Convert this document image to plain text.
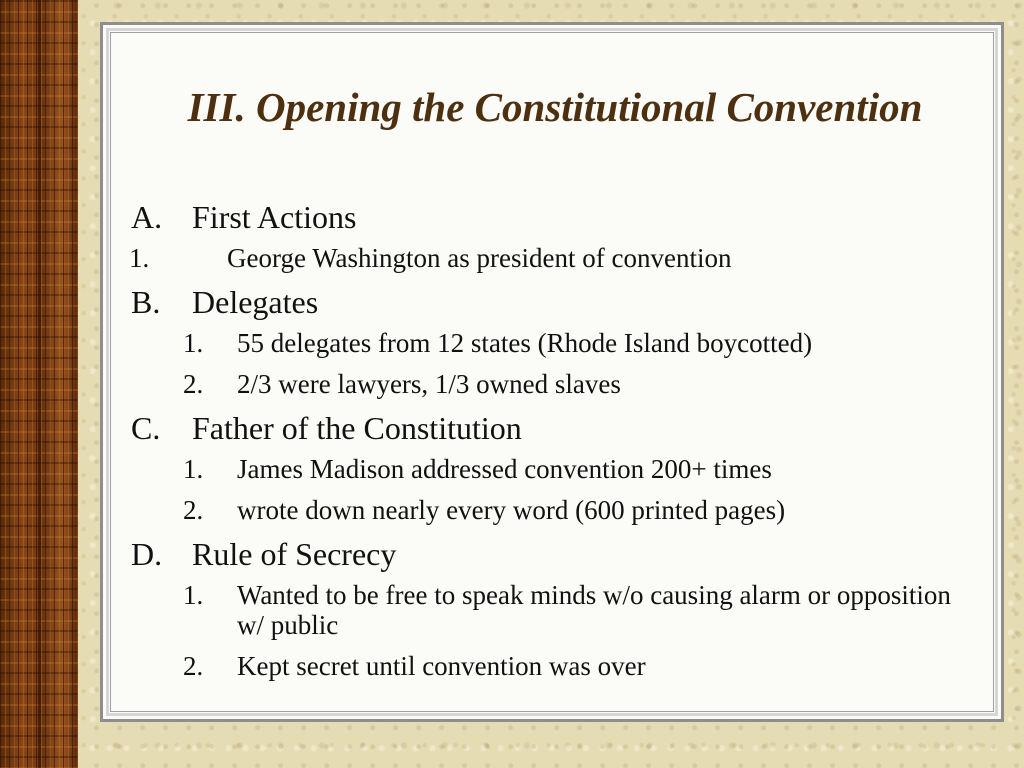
III. Opening the Constitutional Convention
A. First Actions
1.	George Washington as president of convention
B. Delegates
1. 55 delegates from 12 states (Rhode Island boycotted)
2. 2/3 were lawyers, 1/3 owned slaves
C. Father of the Constitution
1. James Madison addressed convention 200+ times
2. wrote down nearly every word (600 printed pages)
D. Rule of Secrecy
1. Wanted to be free to speak minds w/o causing alarm or opposition w/ public
2. Kept secret until convention was over
